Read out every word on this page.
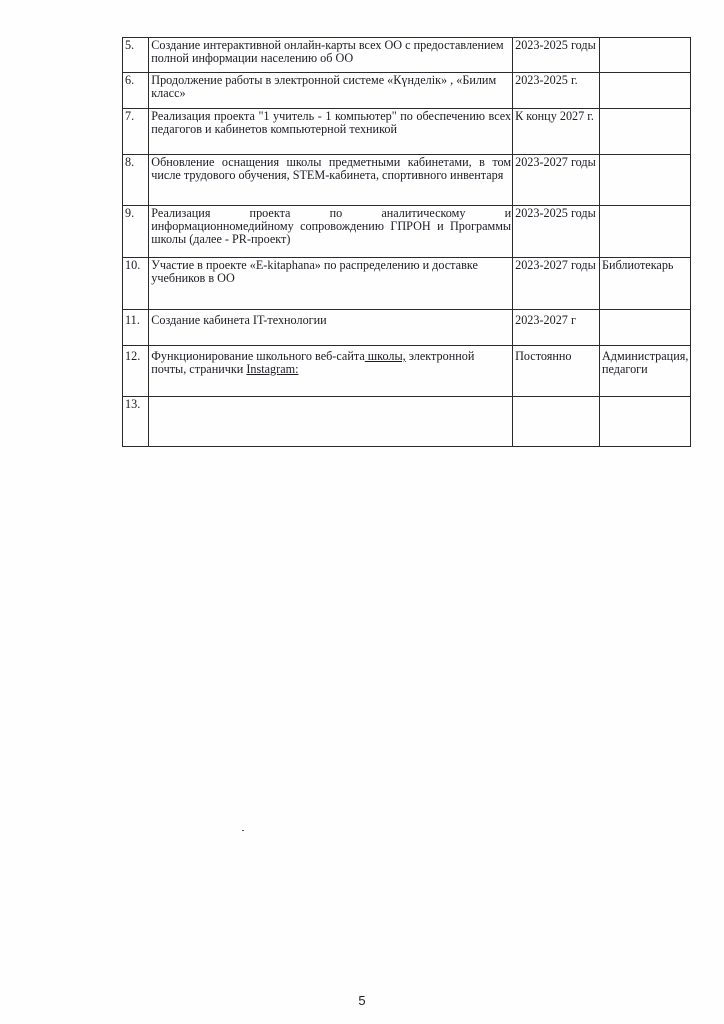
5.	Создание интерактивной онлайн-карты всех ОО с предоставлением полной информации населению об ОО	2023-2025 годы	
6.	Продолжение работы в электронной системе «Күнделік» , «Билим класс»	2023-2025 г.	
7.	Реализация проекта "1 учитель - 1 компьютер" по обеспечению всех педагогов и кабинетов компьютерной техникой	К концу 2027 г.	
8.	Обновление оснащения школы предметными кабинетами, в том числе трудового обучения, STEM-кабинета, спортивного инвентаря	2023-2027 годы	
9.	Реализация проекта по аналитическому и информационномедийному сопровождению ГПРОН и Программы школы (далее - PR-проект)	2023-2025 годы	
10.	Участие в проекте «E-kitaphana» по распределению и доставке учебников в ОО	2023-2027 годы	Библиотекарь
11.	Создание кабинета IT-технологии	2023-2027 г	
12.	Функционирование школьного веб-сайта школы, электронной почты, странички Instagram:	Постоянно	Администрация, педагоги
13.			
5
